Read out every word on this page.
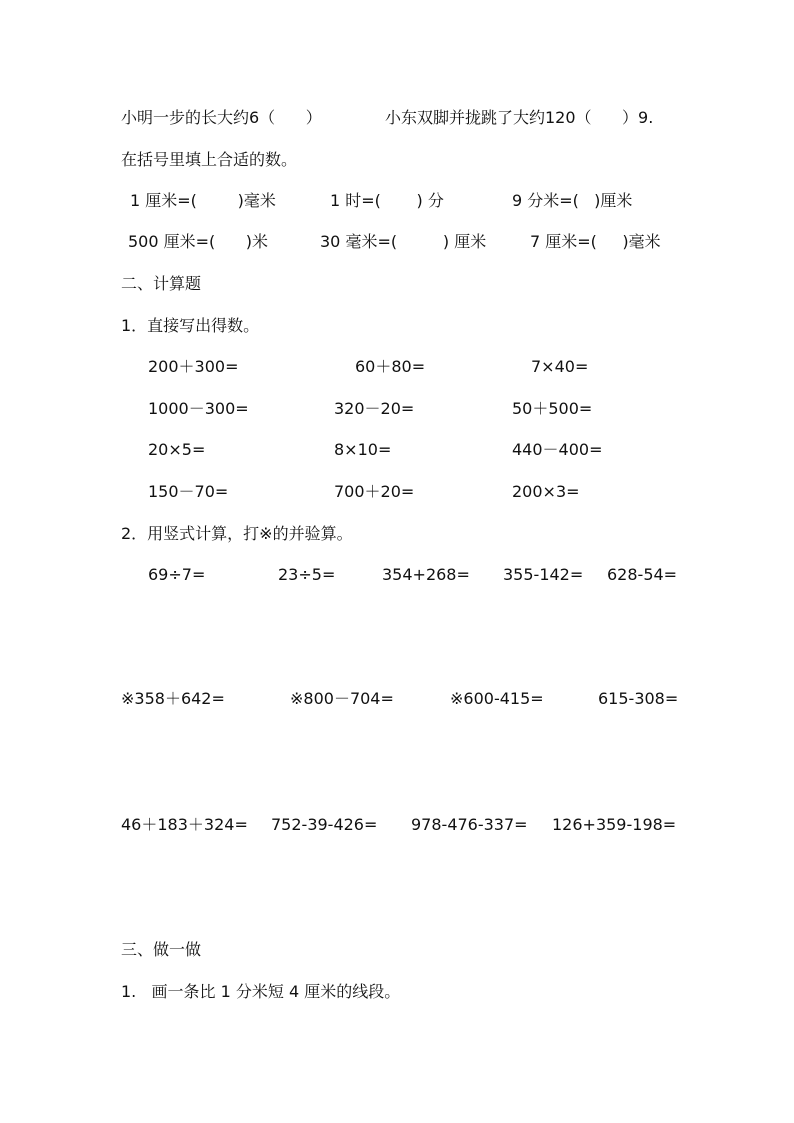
小明一步的长大约6（      ）	小东双脚并拢跳了大约120（      ）9.
在括号里填上合适的数。
1 厘米=(        )毫米	1 时=(       ) 分	9 分米=(   )厘米
500 厘米=(      )米	30 毫米=(         ) 厘米	7 厘米=(     )毫米
二、计算题
1．直接写出得数。
200＋300=	60＋80=	7×40=
1000－300=	320－20=	50＋500=
20×5=	8×10=	440－400=
150－70=	700＋20=	200×3=
2．用竖式计算，打※的并验算。
69÷7=	23÷5=	354+268= 355-142= 628-54=
※358＋642=	※800－704=	※600-415=	615-308=
46＋183＋324= 752-39-426= 978-476-337= 126+359-198=
三、做一做
1.   画一条比 1 分米短 4 厘米的线段。
